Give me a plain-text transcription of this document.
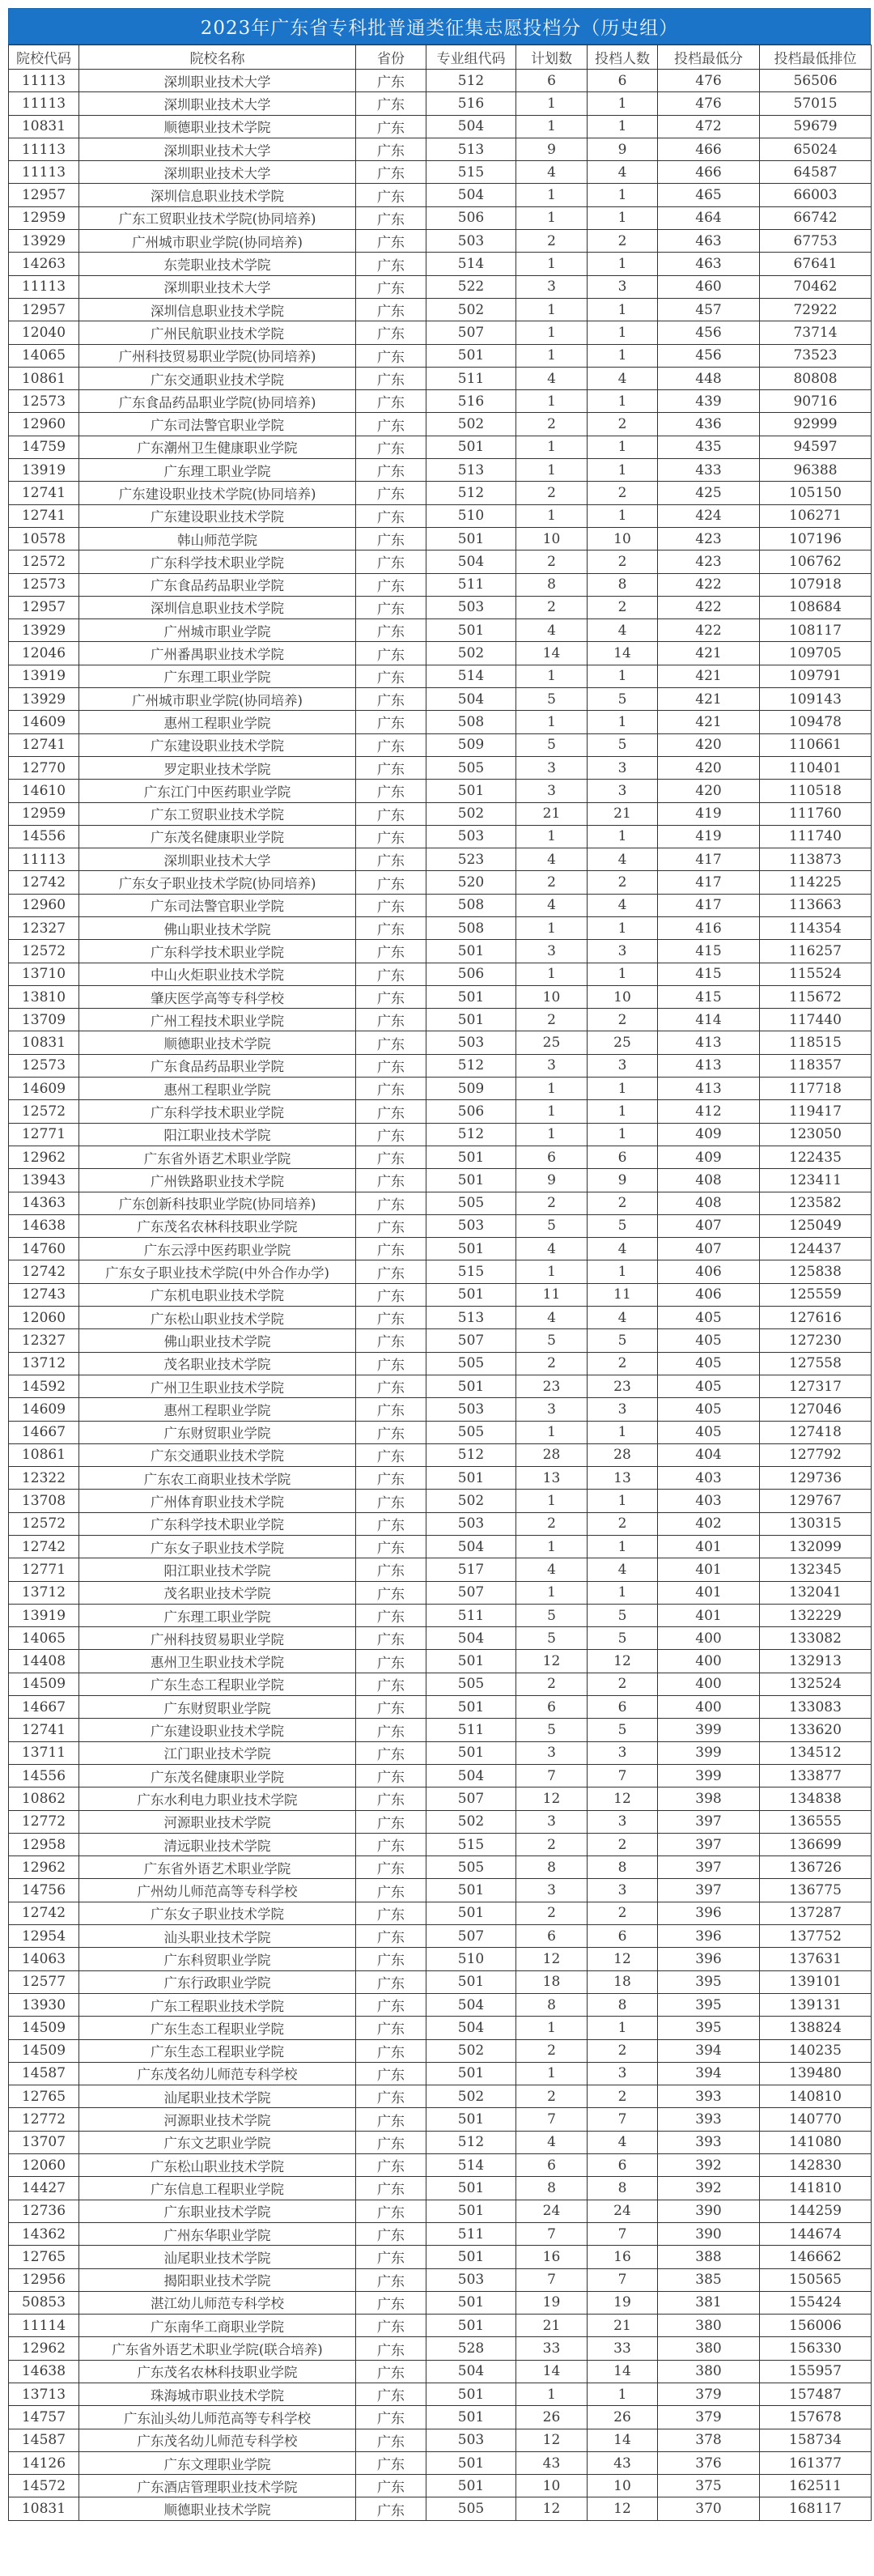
2023年广东省专科批普通类征集志愿投档分（历史组）
院校代码	院校名称	省份	专业组代码	计划数	投档人数	投档最低分	投档最低排位
11113	深圳职业技术大学	广东	512	6	6	476	56506
11113	深圳职业技术大学	广东	516	1	1	476	57015
10831	顺德职业技术学院	广东	504	1	1	472	59679
11113	深圳职业技术大学	广东	513	9	9	466	65024
11113	深圳职业技术大学	广东	515	4	4	466	64587
12957	深圳信息职业技术学院	广东	504	1	1	465	66003
12959	广东工贸职业技术学院(协同培养)	广东	506	1	1	464	66742
13929	广州城市职业学院(协同培养)	广东	503	2	2	463	67753
14263	东莞职业技术学院	广东	514	1	1	463	67641
11113	深圳职业技术大学	广东	522	3	3	460	70462
12957	深圳信息职业技术学院	广东	502	1	1	457	72922
12040	广州民航职业技术学院	广东	507	1	1	456	73714
14065	广州科技贸易职业学院(协同培养)	广东	501	1	1	456	73523
10861	广东交通职业技术学院	广东	511	4	4	448	80808
12573	广东食品药品职业学院(协同培养)	广东	516	1	1	439	90716
12960	广东司法警官职业学院	广东	502	2	2	436	92999
14759	广东潮州卫生健康职业学院	广东	501	1	1	435	94597
13919	广东理工职业学院	广东	513	1	1	433	96388
12741	广东建设职业技术学院(协同培养)	广东	512	2	2	425	105150
12741	广东建设职业技术学院	广东	510	1	1	424	106271
10578	韩山师范学院	广东	501	10	10	423	107196
12572	广东科学技术职业学院	广东	504	2	2	423	106762
12573	广东食品药品职业学院	广东	511	8	8	422	107918
12957	深圳信息职业技术学院	广东	503	2	2	422	108684
13929	广州城市职业学院	广东	501	4	4	422	108117
12046	广州番禺职业技术学院	广东	502	14	14	421	109705
13919	广东理工职业学院	广东	514	1	1	421	109791
13929	广州城市职业学院(协同培养)	广东	504	5	5	421	109143
14609	惠州工程职业学院	广东	508	1	1	421	109478
12741	广东建设职业技术学院	广东	509	5	5	420	110661
12770	罗定职业技术学院	广东	505	3	3	420	110401
14610	广东江门中医药职业学院	广东	501	3	3	420	110518
12959	广东工贸职业技术学院	广东	502	21	21	419	111760
14556	广东茂名健康职业学院	广东	503	1	1	419	111740
11113	深圳职业技术大学	广东	523	4	4	417	113873
12742	广东女子职业技术学院(协同培养)	广东	520	2	2	417	114225
12960	广东司法警官职业学院	广东	508	4	4	417	113663
12327	佛山职业技术学院	广东	508	1	1	416	114354
12572	广东科学技术职业学院	广东	501	3	3	415	116257
13710	中山火炬职业技术学院	广东	506	1	1	415	115524
13810	肇庆医学高等专科学校	广东	501	10	10	415	115672
13709	广州工程技术职业学院	广东	501	2	2	414	117440
10831	顺德职业技术学院	广东	503	25	25	413	118515
12573	广东食品药品职业学院	广东	512	3	3	413	118357
14609	惠州工程职业学院	广东	509	1	1	413	117718
12572	广东科学技术职业学院	广东	506	1	1	412	119417
12771	阳江职业技术学院	广东	512	1	1	409	123050
12962	广东省外语艺术职业学院	广东	501	6	6	409	122435
13943	广州铁路职业技术学院	广东	501	9	9	408	123411
14363	广东创新科技职业学院(协同培养)	广东	505	2	2	408	123582
14638	广东茂名农林科技职业学院	广东	503	5	5	407	125049
14760	广东云浮中医药职业学院	广东	501	4	4	407	124437
12742	广东女子职业技术学院(中外合作办学)	广东	515	1	1	406	125838
12743	广东机电职业技术学院	广东	501	11	11	406	125559
12060	广东松山职业技术学院	广东	513	4	4	405	127616
12327	佛山职业技术学院	广东	507	5	5	405	127230
13712	茂名职业技术学院	广东	505	2	2	405	127558
14592	广州卫生职业技术学院	广东	501	23	23	405	127317
14609	惠州工程职业学院	广东	503	3	3	405	127046
14667	广东财贸职业学院	广东	505	1	1	405	127418
10861	广东交通职业技术学院	广东	512	28	28	404	127792
12322	广东农工商职业技术学院	广东	501	13	13	403	129736
13708	广州体育职业技术学院	广东	502	1	1	403	129767
12572	广东科学技术职业学院	广东	503	2	2	402	130315
12742	广东女子职业技术学院	广东	504	1	1	401	132099
12771	阳江职业技术学院	广东	517	4	4	401	132345
13712	茂名职业技术学院	广东	507	1	1	401	132041
13919	广东理工职业学院	广东	511	5	5	401	132229
14065	广州科技贸易职业学院	广东	504	5	5	400	133082
14408	惠州卫生职业技术学院	广东	501	12	12	400	132913
14509	广东生态工程职业学院	广东	505	2	2	400	132524
14667	广东财贸职业学院	广东	501	6	6	400	133083
12741	广东建设职业技术学院	广东	511	5	5	399	133620
13711	江门职业技术学院	广东	501	3	3	399	134512
14556	广东茂名健康职业学院	广东	504	7	7	399	133877
10862	广东水利电力职业技术学院	广东	507	12	12	398	134838
12772	河源职业技术学院	广东	502	3	3	397	136555
12958	清远职业技术学院	广东	515	2	2	397	136699
12962	广东省外语艺术职业学院	广东	505	8	8	397	136726
14756	广州幼儿师范高等专科学校	广东	501	3	3	397	136775
12742	广东女子职业技术学院	广东	501	2	2	396	137287
12954	汕头职业技术学院	广东	507	6	6	396	137752
14063	广东科贸职业学院	广东	510	12	12	396	137631
12577	广东行政职业学院	广东	501	18	18	395	139101
13930	广东工程职业技术学院	广东	504	8	8	395	139131
14509	广东生态工程职业学院	广东	504	1	1	395	138824
14509	广东生态工程职业学院	广东	502	2	2	394	140235
14587	广东茂名幼儿师范专科学校	广东	501	1	3	394	139480
12765	汕尾职业技术学院	广东	502	2	2	393	140810
12772	河源职业技术学院	广东	501	7	7	393	140770
13707	广东文艺职业学院	广东	512	4	4	393	141080
12060	广东松山职业技术学院	广东	514	6	6	392	142830
14427	广东信息工程职业学院	广东	501	8	8	392	141810
12736	广东职业技术学院	广东	501	24	24	390	144259
14362	广州东华职业学院	广东	511	7	7	390	144674
12765	汕尾职业技术学院	广东	501	16	16	388	146662
12956	揭阳职业技术学院	广东	503	7	7	385	150565
50853	湛江幼儿师范专科学校	广东	501	19	19	381	155424
11114	广东南华工商职业学院	广东	501	21	21	380	156006
12962	广东省外语艺术职业学院(联合培养)	广东	528	33	33	380	156330
14638	广东茂名农林科技职业学院	广东	504	14	14	380	155957
13713	珠海城市职业技术学院	广东	501	1	1	379	157487
14757	广东汕头幼儿师范高等专科学校	广东	501	26	26	379	157678
14587	广东茂名幼儿师范专科学校	广东	503	12	14	378	158734
14126	广东文理职业学院	广东	501	43	43	376	161377
14572	广东酒店管理职业技术学院	广东	501	10	10	375	162511
10831	顺德职业技术学院	广东	505	12	12	370	168117
